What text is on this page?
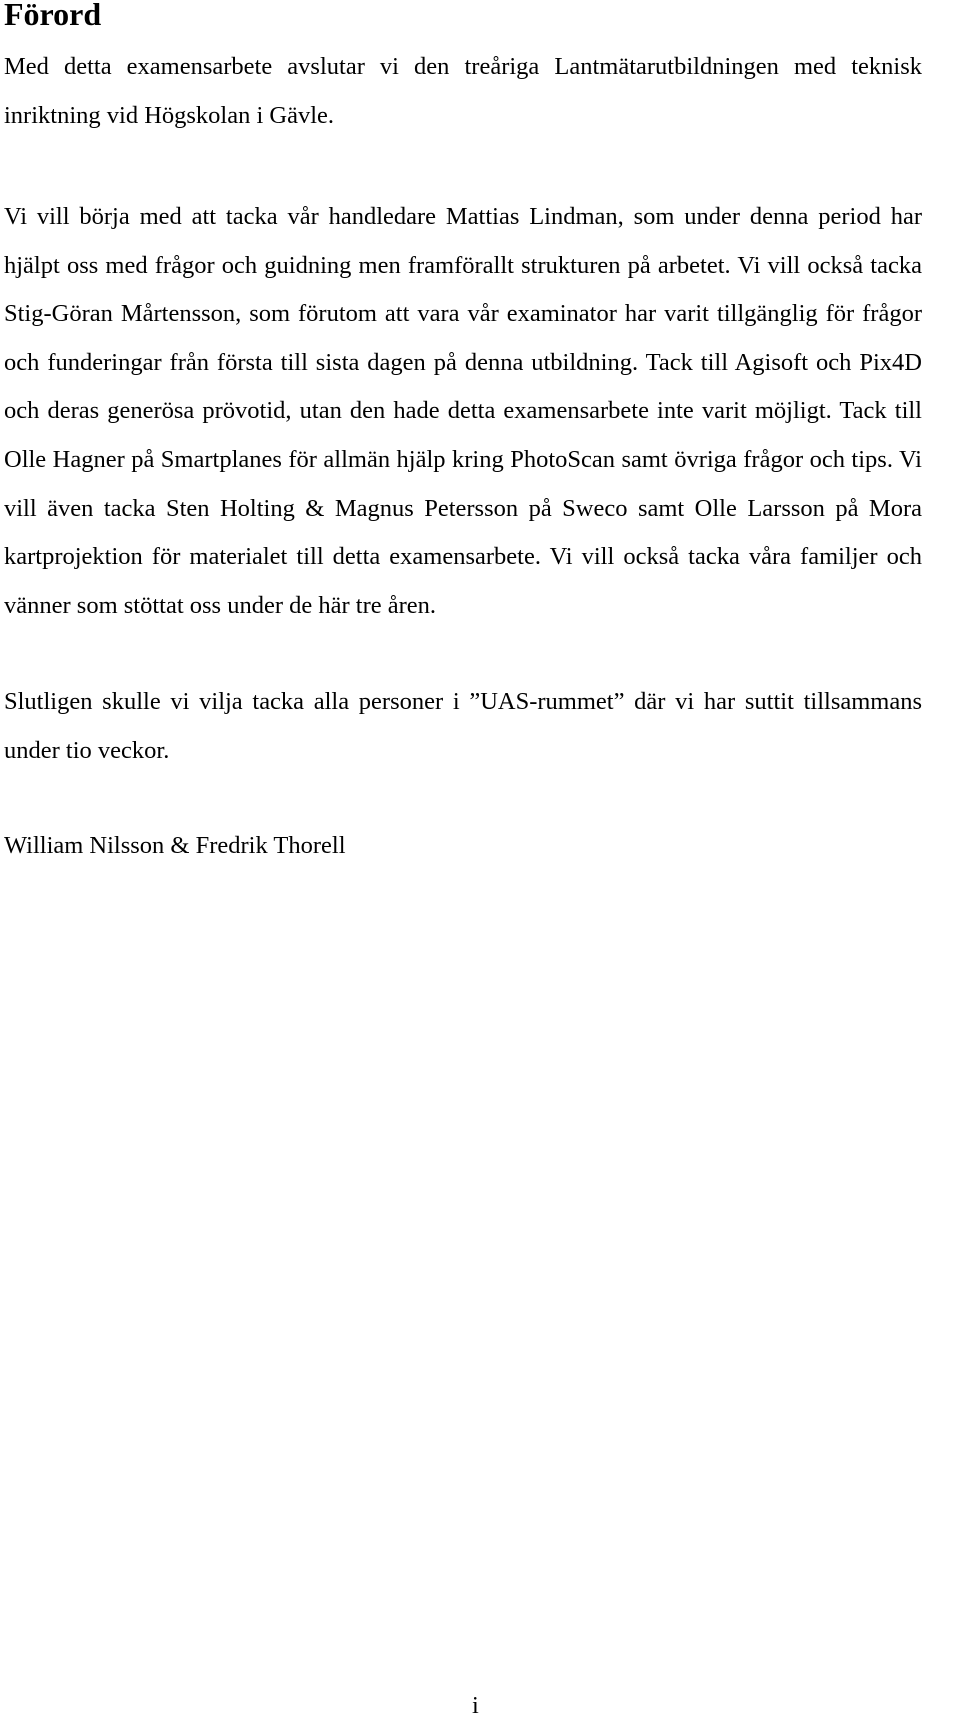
Förord

Med detta examensarbete avslutar vi den treåriga Lantmätarutbildningen med teknisk inriktning vid Högskolan i Gävle.

Vi vill börja med att tacka vår handledare Mattias Lindman, som under denna period har hjälpt oss med frågor och guidning men framförallt strukturen på arbetet. Vi vill också tacka Stig-Göran Mårtensson, som förutom att vara vår examinator har varit tillgänglig för frågor och funderingar från första till sista dagen på denna utbildning. Tack till Agisoft och Pix4D och deras generösa prövotid, utan den hade detta examensarbete inte varit möjligt. Tack till Olle Hagner på Smartplanes för allmän hjälp kring PhotoScan samt övriga frågor och tips. Vi vill även tacka Sten Holting & Magnus Petersson på Sweco samt Olle Larsson på Mora kartprojektion för materialet till detta examensarbete. Vi vill också tacka våra familjer och vänner som stöttat oss under de här tre åren.

Slutligen skulle vi vilja tacka alla personer i ”UAS-rummet” där vi har suttit tillsammans under tio veckor.

William Nilsson & Fredrik Thorell

i
